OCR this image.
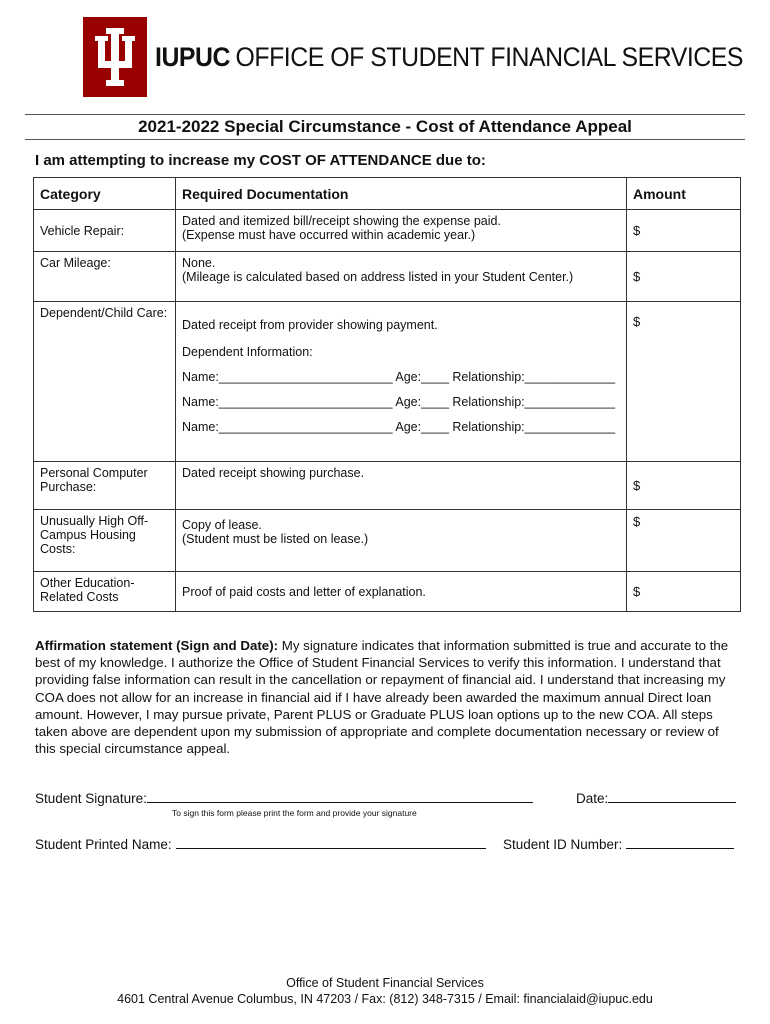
IUPUC OFFICE OF STUDENT FINANCIAL SERVICES
2021-2022 Special Circumstance - Cost of Attendance Appeal
I am attempting to increase my COST OF ATTENDANCE due to:
Category	Required Documentation	Amount
Vehicle Repair:	Dated and itemized bill/receipt showing the expense paid.
(Expense must have occurred within academic year.)	$
Car Mileage:	None.
(Mileage is calculated based on address listed in your Student Center.)	$
Dependent/Child Care:	Dated receipt from provider showing payment.
Dependent Information:
Name:_________________________ Age:____ Relationship:_____________
Name:_________________________ Age:____ Relationship:_____________
Name:_________________________ Age:____ Relationship:_____________	$
Personal Computer Purchase:	Dated receipt showing purchase.	$
Unusually High Off-Campus Housing Costs:	Copy of lease.
(Student must be listed on lease.)	$
Other Education-Related Costs	Proof of paid costs and letter of explanation.	$
Affirmation statement (Sign and Date): My signature indicates that information submitted is true and accurate to the best of my knowledge. I authorize the Office of Student Financial Services to verify this information. I understand that providing false information can result in the cancellation or repayment of financial aid. I understand that increasing my COA does not allow for an increase in financial aid if I have already been awarded the maximum annual Direct loan amount. However, I may pursue private, Parent PLUS or Graduate PLUS loan options up to the new COA. All steps taken above are dependent upon my submission of appropriate and complete documentation necessary or review of this special circumstance appeal.
Student Signature:	Date:
To sign this form please print the form and provide your signature
Student Printed Name:	Student ID Number:
Office of Student Financial Services
4601 Central Avenue Columbus, IN 47203 / Fax: (812) 348-7315 / Email: financialaid@iupuc.edu
